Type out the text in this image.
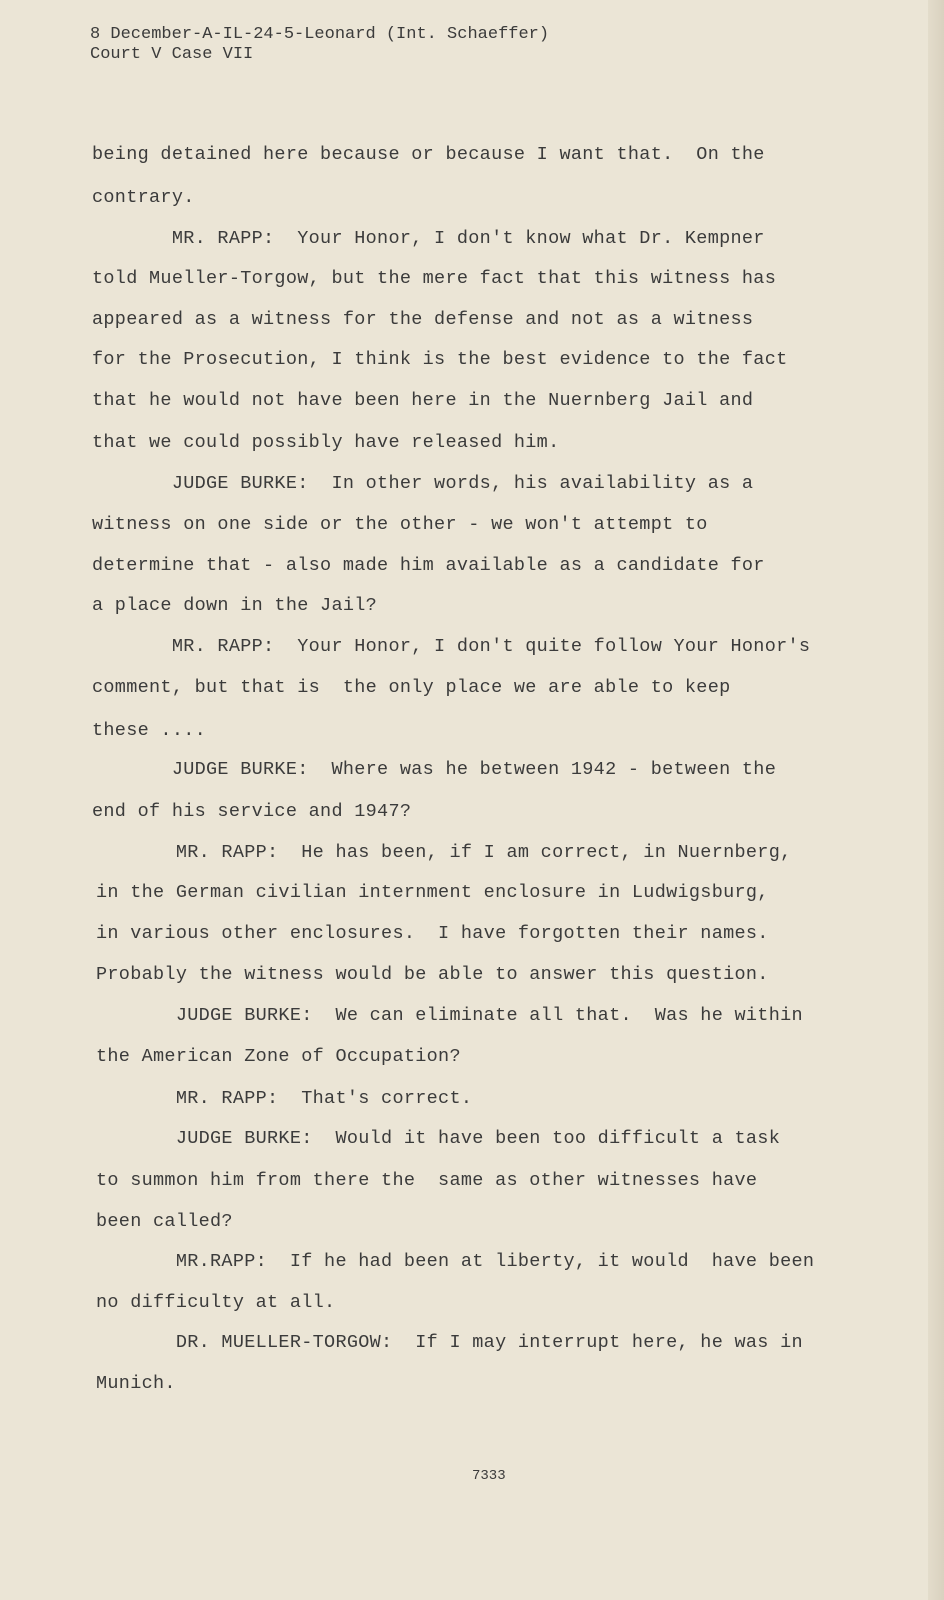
8 December-A-IL-24-5-Leonard (Int. Schaeffer)
Court V Case VII
being detained here because or because I want that.  On the
contrary.
MR. RAPP:  Your Honor, I don't know what Dr. Kempner
told Mueller-Torgow, but the mere fact that this witness has
appeared as a witness for the defense and not as a witness
for the Prosecution, I think is the best evidence to the fact
that he would not have been here in the Nuernberg Jail and
that we could possibly have released him.
JUDGE BURKE:  In other words, his availability as a
witness on one side or the other - we won't attempt to
determine that - also made him available as a candidate for
a place down in the Jail?
MR. RAPP:  Your Honor, I don't quite follow Your Honor's
comment, but that is  the only place we are able to keep
these ....
JUDGE BURKE:  Where was he between 1942 - between the
end of his service and 1947?
MR. RAPP:  He has been, if I am correct, in Nuernberg,
in the German civilian internment enclosure in Ludwigsburg,
in various other enclosures.  I have forgotten their names.
Probably the witness would be able to answer this question.
JUDGE BURKE:  We can eliminate all that.  Was he within
the American Zone of Occupation?
MR. RAPP:  That's correct.
JUDGE BURKE:  Would it have been too difficult a task
to summon him from there the  same as other witnesses have
been called?
MR.RAPP:  If he had been at liberty, it would  have been
no difficulty at all.
DR. MUELLER-TORGOW:  If I may interrupt here, he was in
Munich.
7333
